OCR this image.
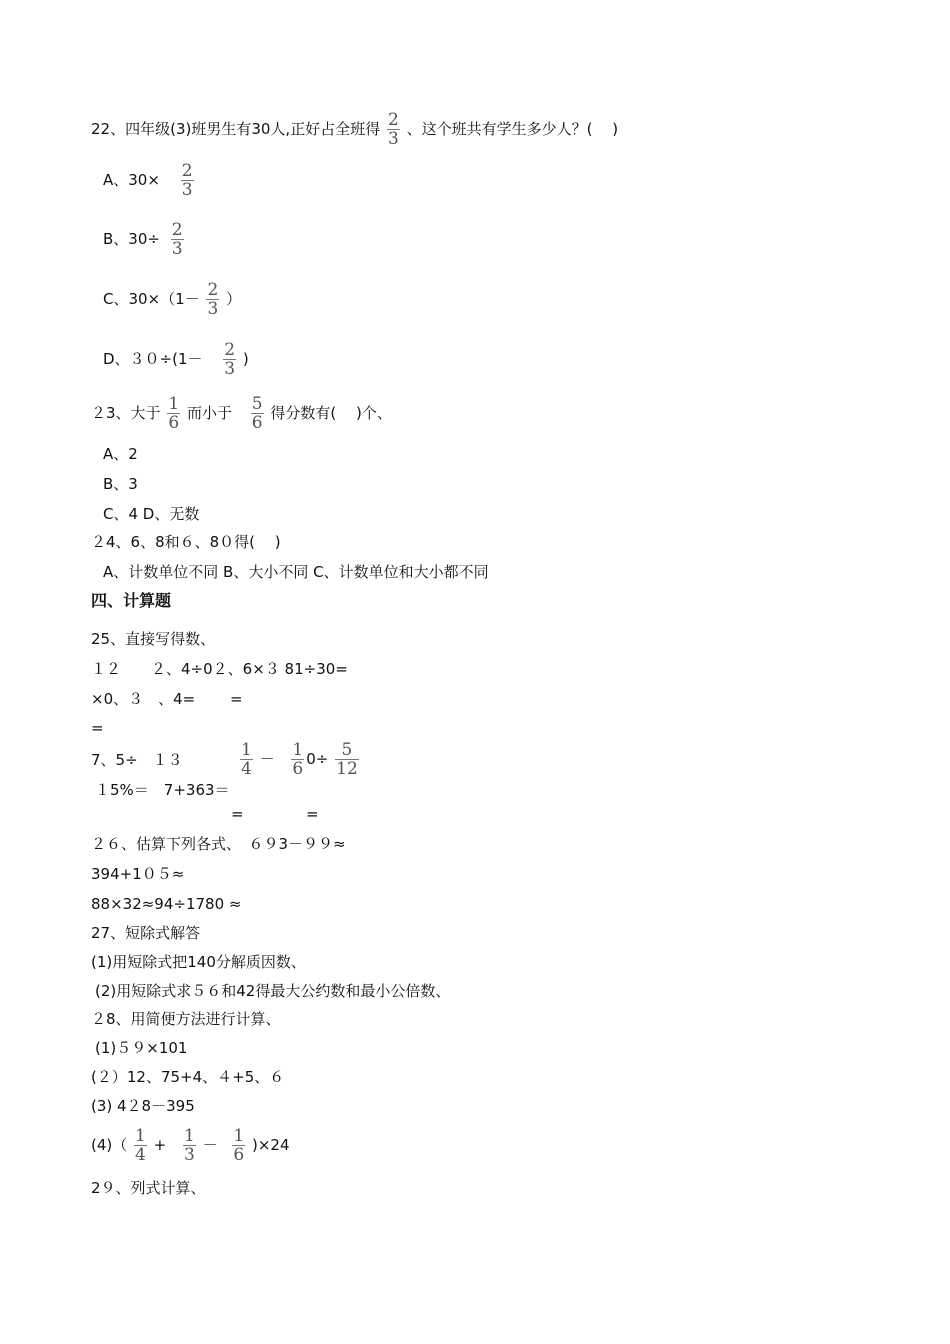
22、四年级(3)班男生有30人,正好占全班得 $\frac{2}{3}$ 、这个班共有学生多少人？(　 )
A、$30\times \frac{2}{3}$
B、$30\div \frac{2}{3}$
C、$30\times(1- \frac{2}{3}$ ）
D、$30\div(1- \frac{2}{3}$ )
２3、大于 $\frac{1}{6}$ 而小于 $\frac{5}{6}$ 得分数有(　 )个、
A、2
B、3
C、4 D、无数
２4、6、8和６、8０得(　 )
A、计数单位不同 B、大小不同 C、计数单位和大小都不同
四、计算题
25、直接写得数、
１２　　２、4÷0２、6×３ 81÷30=
×0、３　、4=　　 =
=
7、5÷　１３	$\frac{1}{4} - \frac{1}{6} 0\div \frac{5}{12}$
１5%＝　7+363＝
=	=
２６、估算下列各式、　６９3－９９≈
394+1０５≈
88×32≈94÷1780 ≈
27、短除式解答
(1)用短除式把140分解质因数、
(2)用短除式求５６和42得最大公约数和最小公倍数、
２8、用简便方法进行计算、
(1)５９×101
(２）12、75+4、４+5、６
(3) 4２8－395
$(4)( \frac{1}{4} + \frac{1}{3} - \frac{1}{6} )\times 24$
2９、列式计算、
